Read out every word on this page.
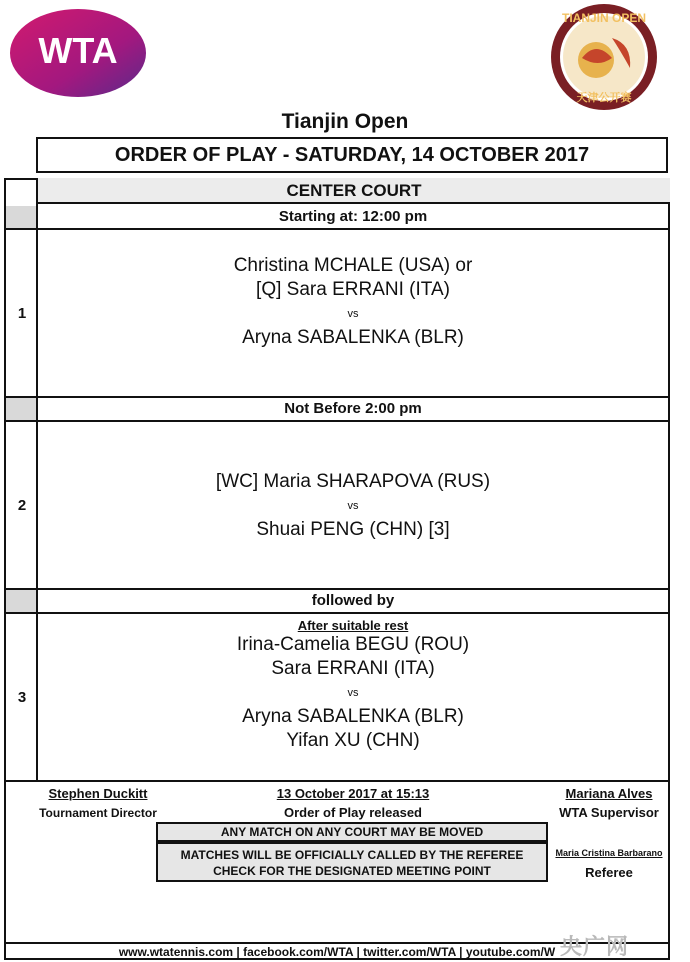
WTA
TIANJIN OPEN
天津公开赛
Tianjin Open
ORDER OF PLAY - SATURDAY, 14 OCTOBER 2017
CENTER COURT
Starting at: 12:00 pm
1
Christina MCHALE (USA) or
[Q] Sara ERRANI (ITA)
vs
Aryna SABALENKA (BLR)
Not Before 2:00 pm
2
[WC] Maria SHARAPOVA (RUS)
vs
Shuai PENG (CHN) [3]
followed by
3
After suitable rest
Irina-Camelia BEGU (ROU)
Sara ERRANI (ITA)
vs
Aryna SABALENKA (BLR)
Yifan XU (CHN)
Stephen Duckitt
Tournament Director
13 October 2017 at 15:13
Order of Play released
ANY MATCH ON ANY COURT MAY BE MOVED
MATCHES WILL BE OFFICIALLY CALLED BY THE REFEREE
CHECK FOR THE DESIGNATED MEETING POINT
Mariana Alves
WTA Supervisor
Maria Cristina Barbarano
Referee
www.wtatennis.com | facebook.com/WTA | twitter.com/WTA | youtube.com/W 央广网
